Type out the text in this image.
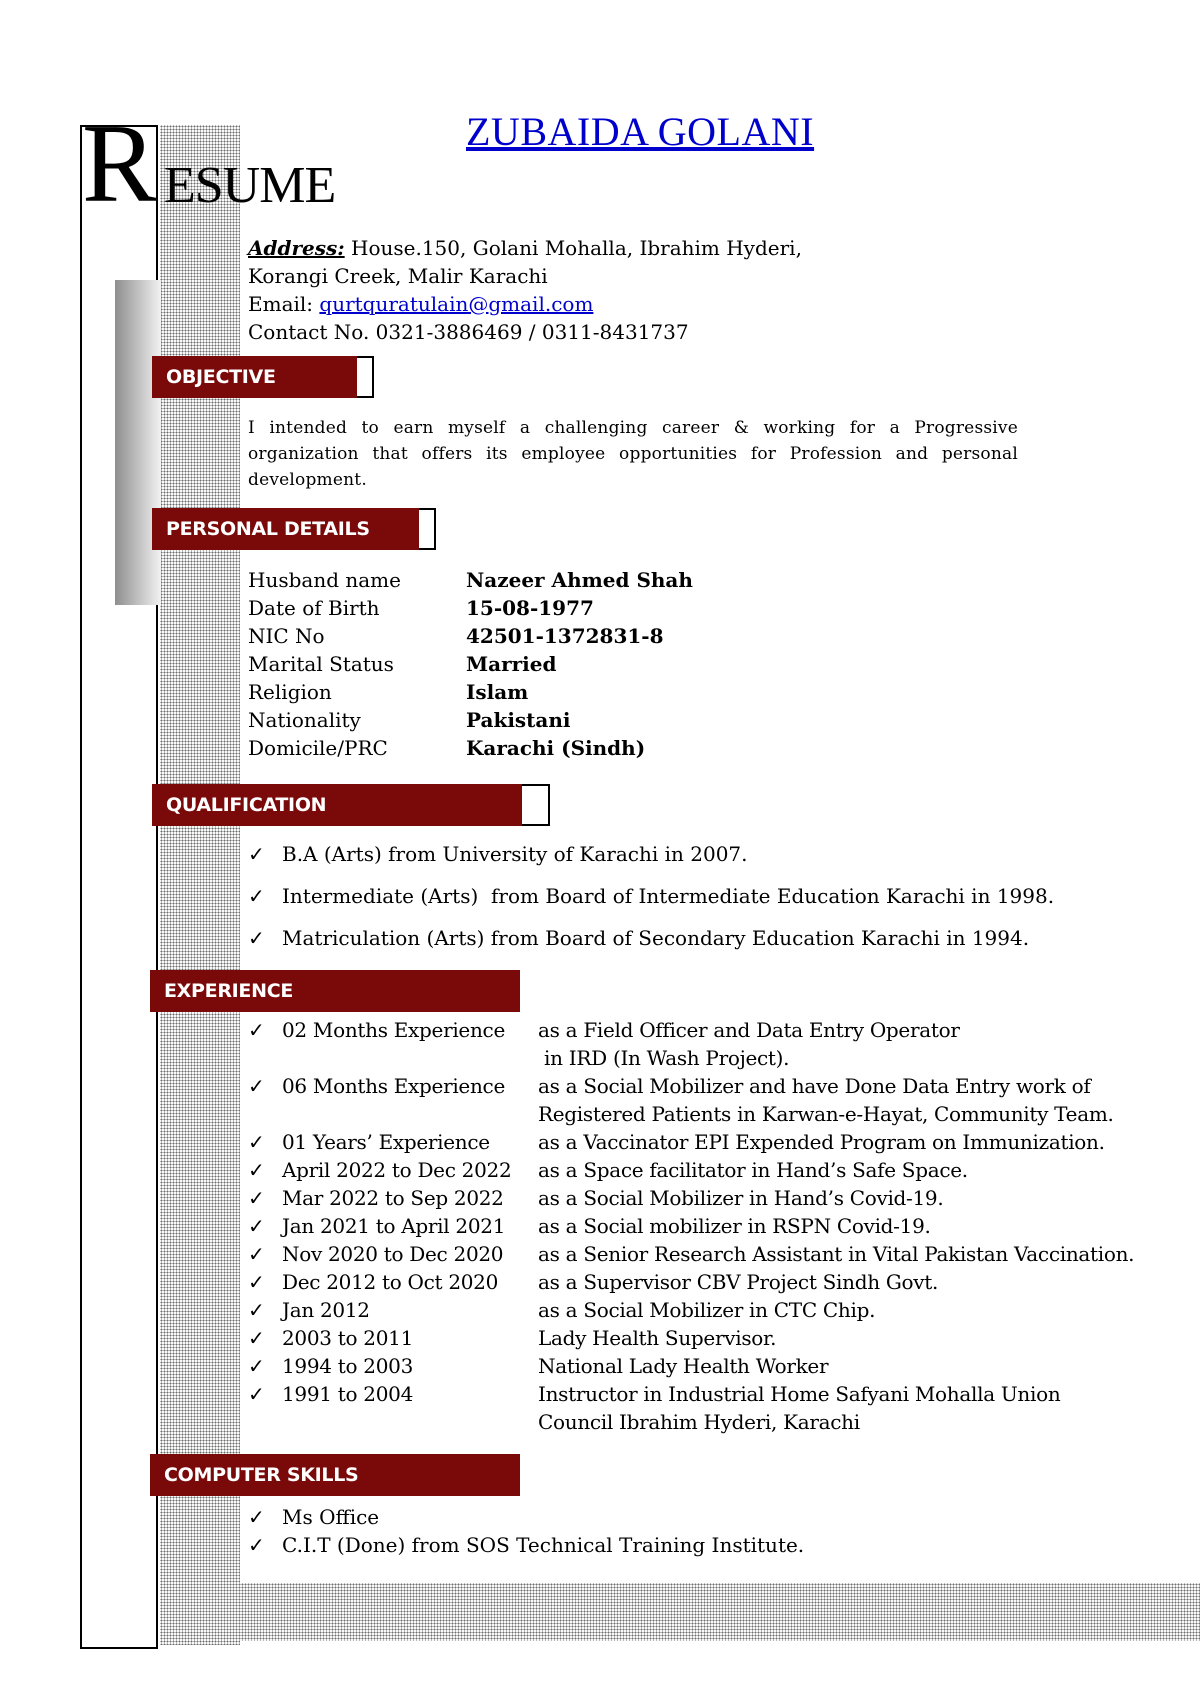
R ESUME
ZUBAIDA GOLANI
Address: House.150, Golani Mohalla, Ibrahim Hyderi,
Korangi Creek, Malir Karachi
Email: qurtquratulain@gmail.com
Contact No. 0321-3886469 / 0311-8431737
OBJECTIVE
I intended to earn myself a challenging career & working for a Progressive organization that offers its employee opportunities for Profession and personal development.
PERSONAL DETAILS
Husband name	Nazeer Ahmed Shah
Date of Birth	15-08-1977
NIC No	42501-1372831-8
Marital Status	Married
Religion	Islam
Nationality	Pakistani
Domicile/PRC	Karachi (Sindh)
QUALIFICATION
✓ B.A (Arts) from University of Karachi in 2007.
✓ Intermediate (Arts)  from Board of Intermediate Education Karachi in 1998.
✓ Matriculation (Arts) from Board of Secondary Education Karachi in 1994.
EXPERIENCE
✓ 02 Months Experience as a Field Officer and Data Entry Operator
in IRD (In Wash Project).
✓ 06 Months Experience as a Social Mobilizer and have Done Data Entry work of
Registered Patients in Karwan-e-Hayat, Community Team.
✓ 01 Years’ Experience as a Vaccinator EPI Expended Program on Immunization.
✓ April 2022 to Dec 2022 as a Space facilitator in Hand’s Safe Space.
✓ Mar 2022 to Sep 2022 as a Social Mobilizer in Hand’s Covid-19.
✓ Jan 2021 to April 2021 as a Social mobilizer in RSPN Covid-19.
✓ Nov 2020 to Dec 2020 as a Senior Research Assistant in Vital Pakistan Vaccination.
✓ Dec 2012 to Oct 2020 as a Supervisor CBV Project Sindh Govt.
✓ Jan 2012	as a Social Mobilizer in CTC Chip.
✓ 2003 to 2011	Lady Health Supervisor.
✓ 1994 to 2003	National Lady Health Worker
✓ 1991 to 2004	Instructor in Industrial Home Safyani Mohalla Union
Council Ibrahim Hyderi, Karachi
COMPUTER SKILLS
✓ Ms Office
✓ C.I.T (Done) from SOS Technical Training Institute.
